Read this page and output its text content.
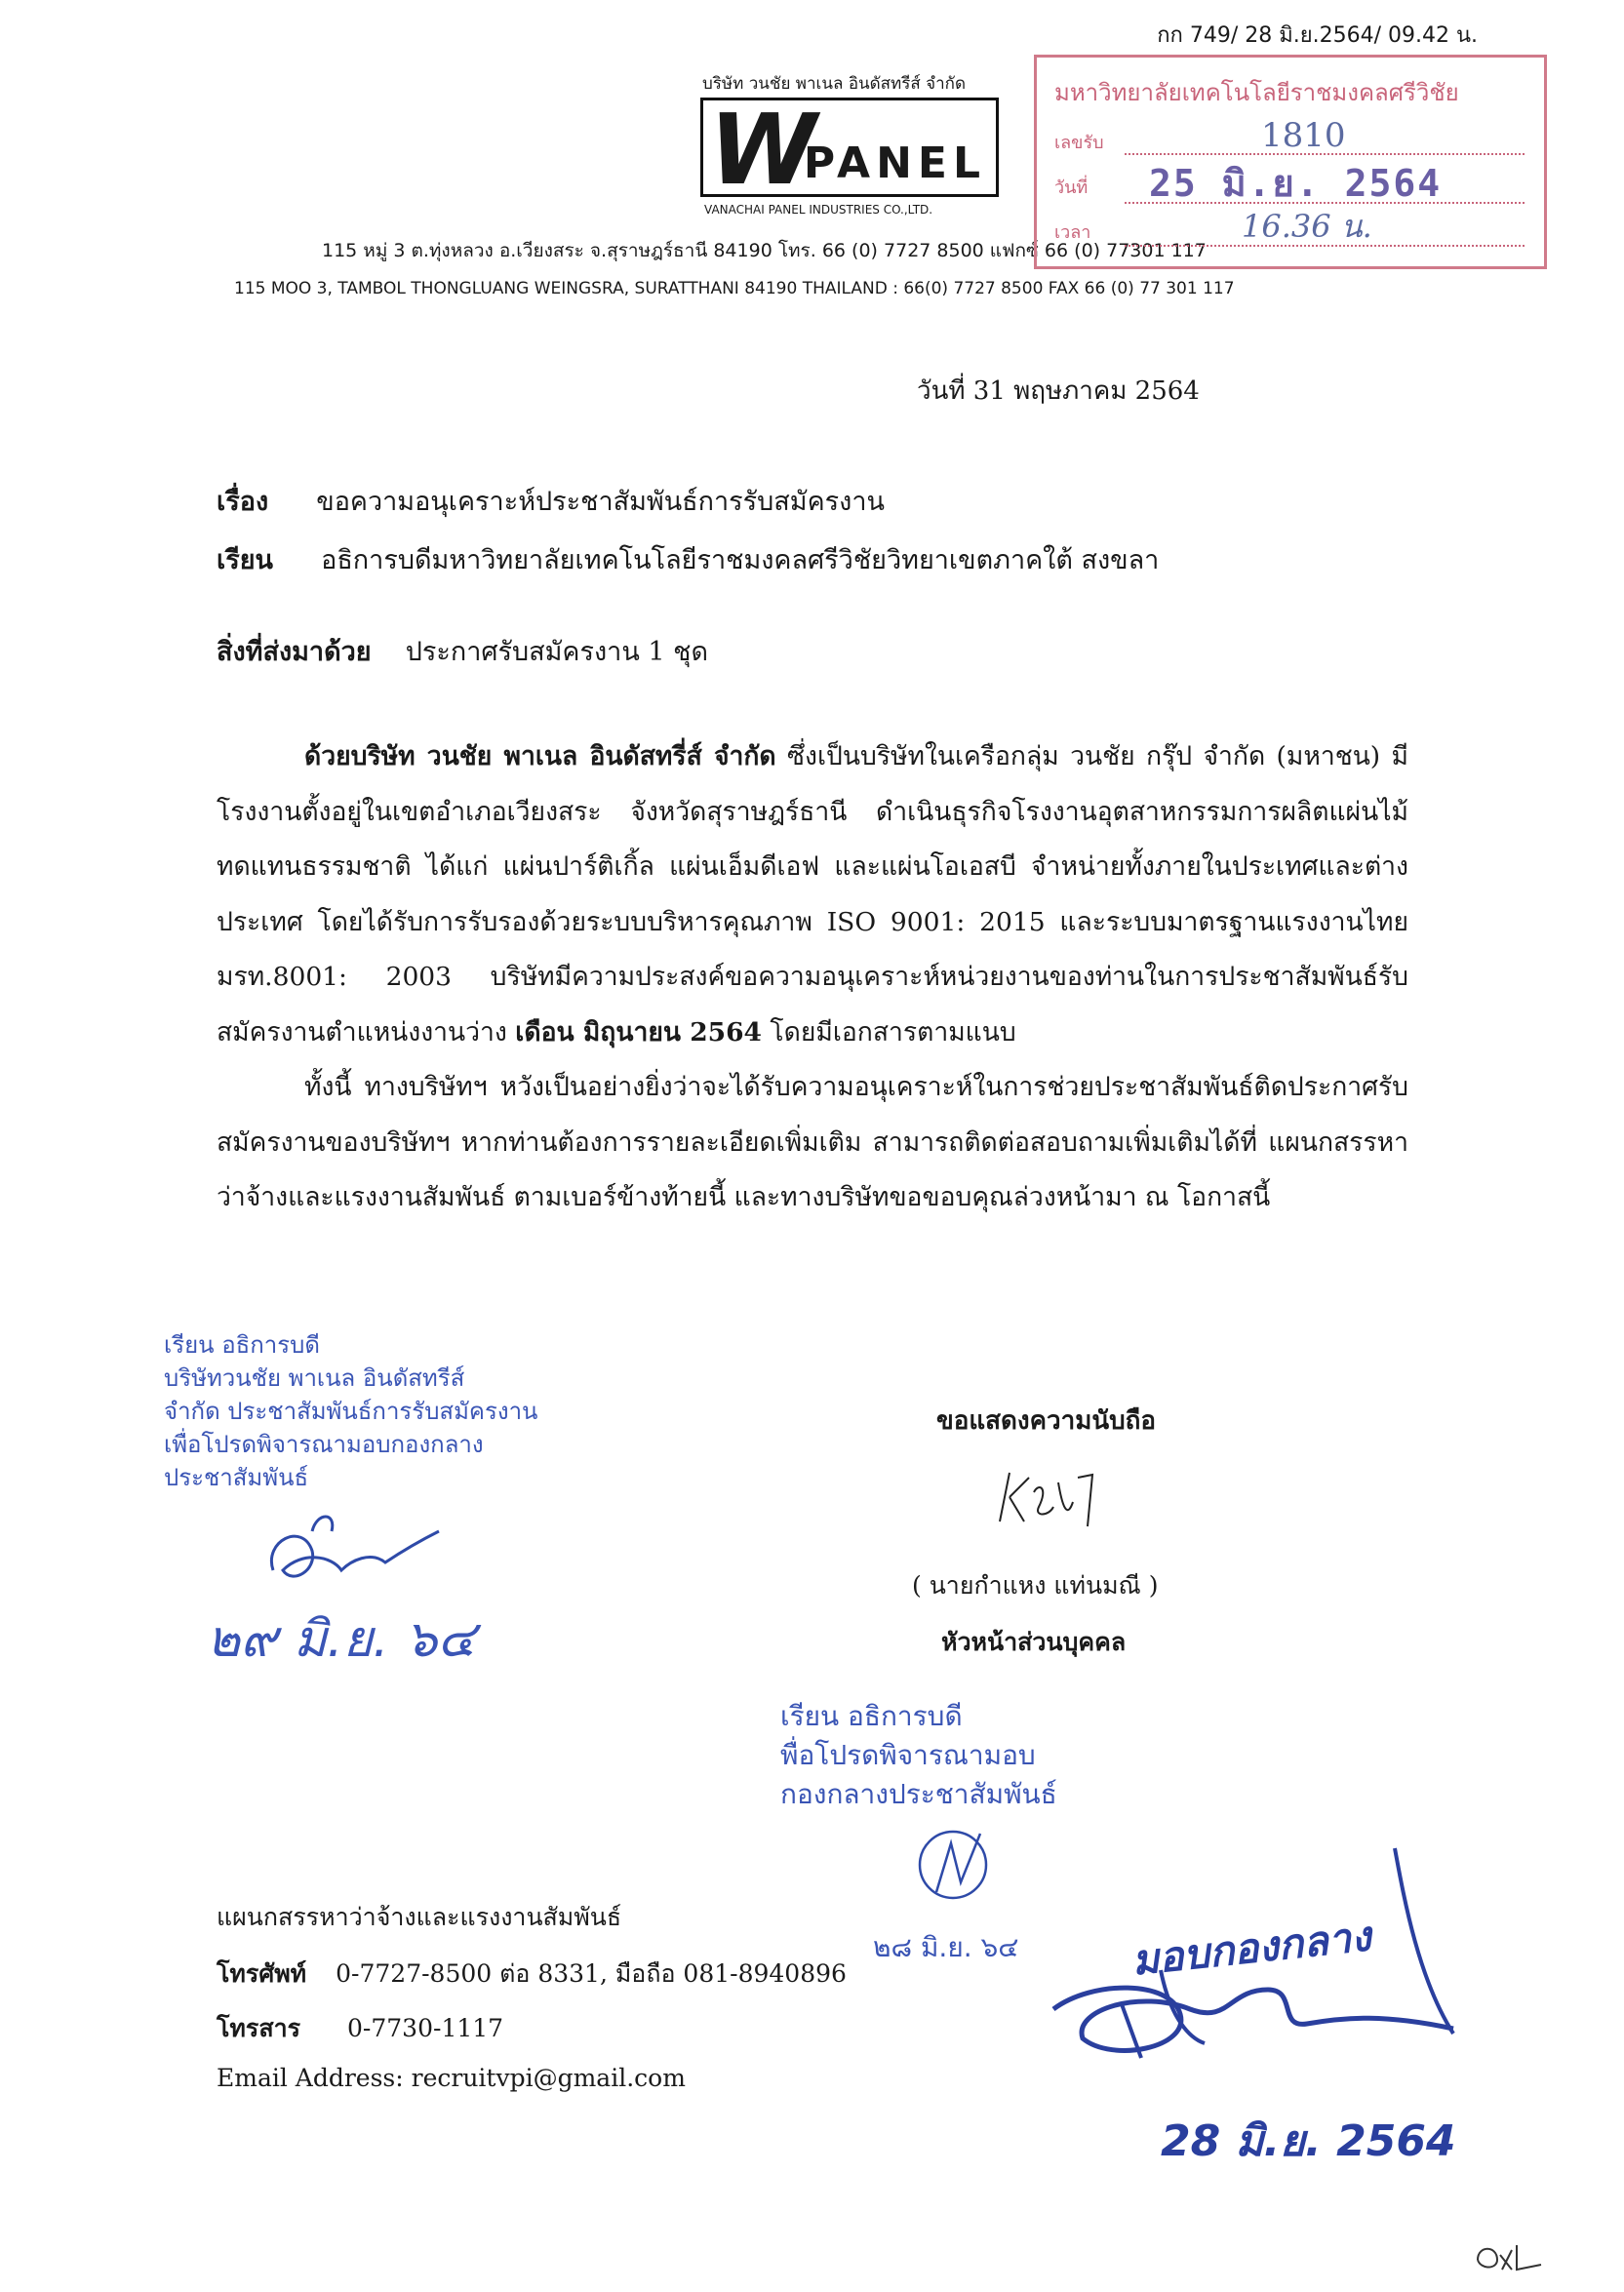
กก 749/ 28 มิ.ย.2564/ 09.42 น.
บริษัท วนชัย พาเนล อินดัสทรีส์ จำกัด
W
PANEL
VANACHAI PANEL INDUSTRIES CO.,LTD.
115 หมู่ 3 ต.ทุ่งหลวง อ.เวียงสระ จ.สุราษฎร์ธานี 84190 โทร. 66 (0) 7727 8500 แฟกซ์ 66 (0) 77301 117
115 MOO 3, TAMBOL THONGLUANG WEINGSRA, SURATTHANI 84190 THAILAND : 66(0) 7727 8500 FAX 66 (0) 77 301 117
มหาวิทยาลัยเทคโนโลยีราชมงคลศรีวิชัย
เลขรับ	1810
วันที่ 25 มิ.ย. 2564
เวลา	16.36 น.
วันที่ 31 พฤษภาคม 2564
เรื่อง ขอความอนุเคราะห์ประชาสัมพันธ์การรับสมัครงาน
เรียน อธิการบดีมหาวิทยาลัยเทคโนโลยีราชมงคลศรีวิชัยวิทยาเขตภาคใต้ สงขลา
สิ่งที่ส่งมาด้วย ประกาศรับสมัครงาน 1 ชุด

ด้วยบริษัท วนชัย พาเนล อินดัสทรี่ส์ จำกัด ซึ่งเป็นบริษัทในเครือกลุ่ม วนชัย กรุ๊ป จำกัด (มหาชน) มีโรงงานตั้งอยู่ในเขตอำเภอเวียงสระ จังหวัดสุราษฎร์ธานี ดำเนินธุรกิจโรงงานอุตสาหกรรมการผลิตแผ่นไม้ทดแทนธรรมชาติ ได้แก่ แผ่นปาร์ติเกิ้ล แผ่นเอ็มดีเอฟ และแผ่นโอเอสบี จำหน่ายทั้งภายในประเทศและต่างประเทศ โดยได้รับการรับรองด้วยระบบบริหารคุณภาพ ISO 9001: 2015 และระบบมาตรฐานแรงงานไทย มรท.8001: 2003 บริษัทมีความประสงค์ขอความอนุเคราะห์หน่วยงานของท่านในการประชาสัมพันธ์รับสมัครงานตำแหน่งงานว่าง เดือน มิถุนายน 2564 โดยมีเอกสารตามแนบ

ทั้งนี้ ทางบริษัทฯ หวังเป็นอย่างยิ่งว่าจะได้รับความอนุเคราะห์ในการช่วยประชาสัมพันธ์ติดประกาศรับสมัครงานของบริษัทฯ หากท่านต้องการรายละเอียดเพิ่มเติม สามารถติดต่อสอบถามเพิ่มเติมได้ที่ แผนกสรรหาว่าจ้างและแรงงานสัมพันธ์ ตามเบอร์ข้างท้ายนี้ และทางบริษัทขอขอบคุณล่วงหน้ามา ณ โอกาสนี้

เรียน อธิการบดี
บริษัทวนชัย พาเนล อินดัสทรีส์
จำกัด ประชาสัมพันธ์การรับสมัครงาน
เพื่อโปรดพิจารณามอบกองกลาง
ประชาสัมพันธ์
๒๙ มิ.ย. ๖๔
ขอแสดงความนับถือ
( นายกำแหง แท่นมณี )
หัวหน้าส่วนบุคคล
เรียน อธิการบดี
พื่อโปรดพิจารณามอบ
กองกลางประชาสัมพันธ์
๒๘ มิ.ย. ๖๔	มอบกองกลาง
28 มิ.ย. 2564
แผนกสรรหาว่าจ้างและแรงงานสัมพันธ์
โทรศัพท์ 0-7727-8500 ต่อ 8331, มือถือ 081-8940896
โทรสาร 0-7730-1117
Email Address: recruitvpi@gmail.com
